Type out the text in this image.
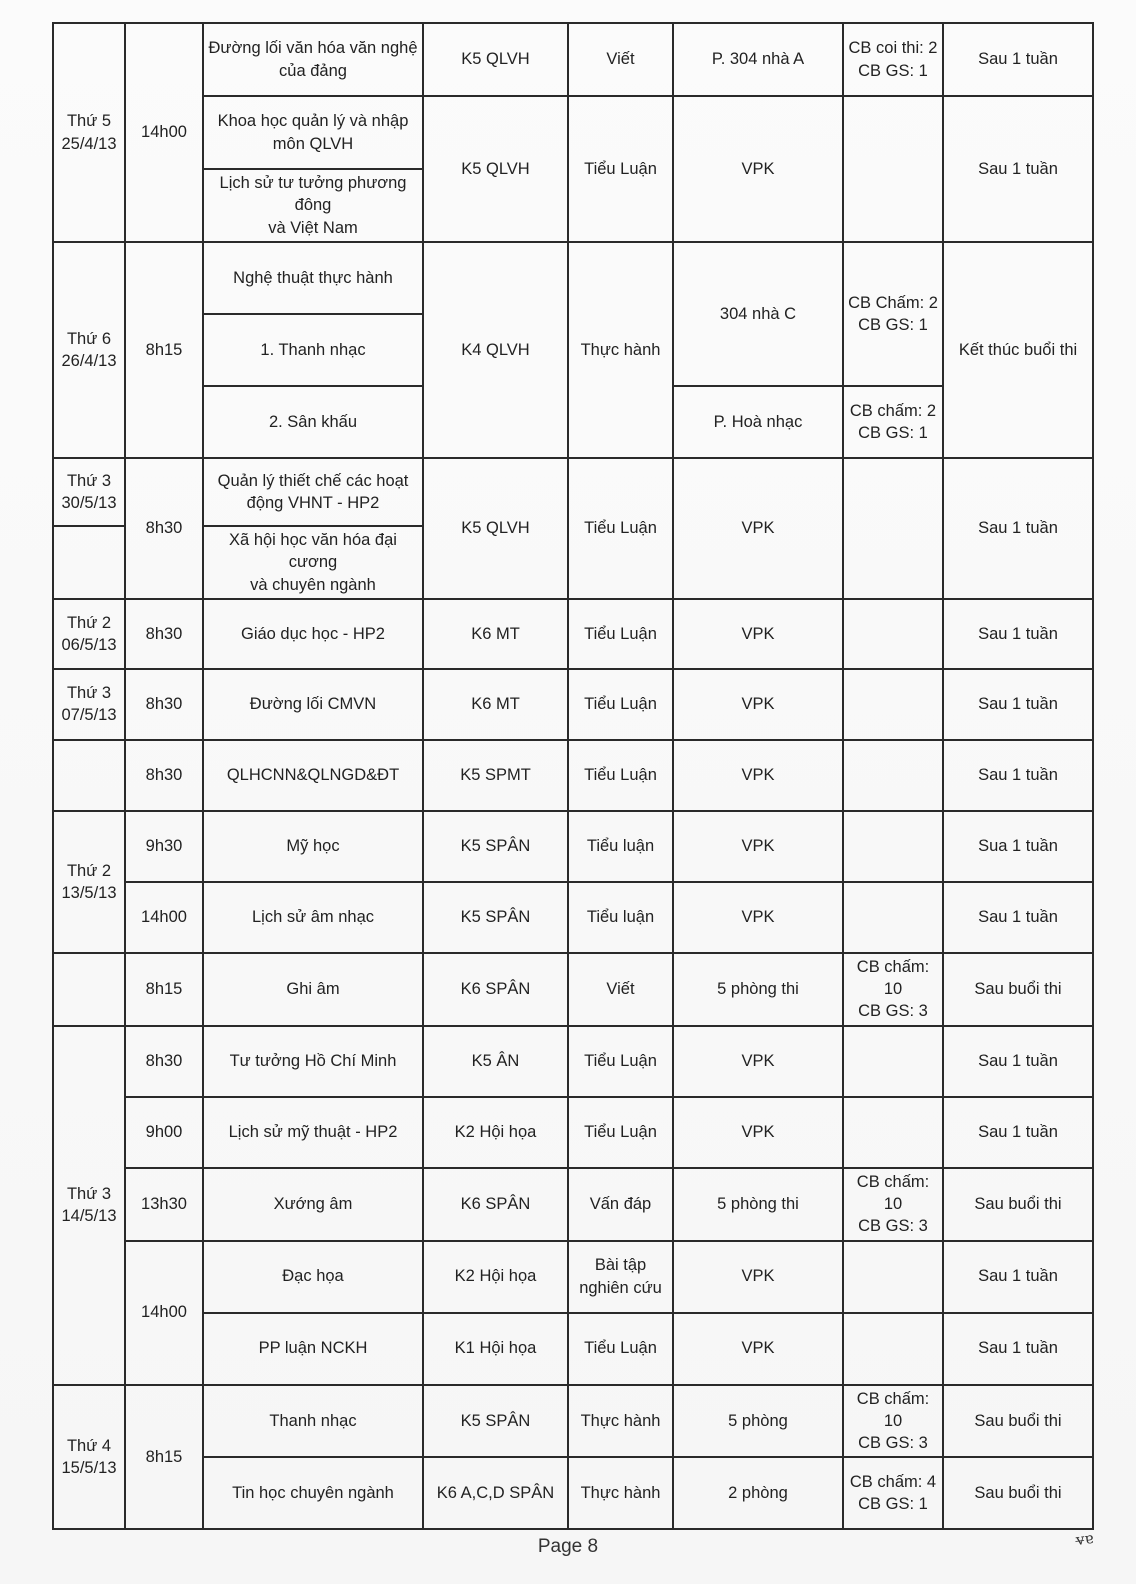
Thứ 5
25/4/13	14h00	Đường lối văn hóa văn nghệ
của đảng	K5 QLVH	Viết	P. 304 nhà A	CB coi thi: 2
CB GS: 1	Sau 1 tuần

		Khoa học quản lý và nhập
môn QLVH	K5 QLVH	Tiểu Luận	VPK		Sau 1 tuần

		Lịch sử tư tưởng phương đông
và Việt Nam					

Thứ 6
26/4/13	8h15	Nghệ thuật thực hành	K4 QLVH	Thực hành	304 nhà C	CB Chấm: 2
CB GS: 1	Kết thúc buổi thi
		1. Thanh nhạc					
		2. Sân khấu			P. Hoà nhạc	CB chấm: 2
CB GS: 1	

Thứ 3
30/5/13	8h30	Quản lý thiết chế các hoạt
động VHNT - HP2	K5 QLVH	Tiểu Luận	VPK		Sau 1 tuần

		Xã hội học văn hóa đại cương
và chuyên ngành					

Thứ 2
06/5/13	8h30	Giáo dục học - HP2	K6 MT	Tiểu Luận	VPK		Sau 1 tuần

Thứ 3
07/5/13	8h30	Đường lối CMVN	K6 MT	Tiểu Luận	VPK		Sau 1 tuần
	8h30	QLHCNN&QLNGD&ĐT	K5 SPMT	Tiểu Luận	VPK		Sau 1 tuần

Thứ 2
13/5/13	9h30	Mỹ học	K5 SPÂN	Tiểu luận	VPK		Sua 1 tuần
	14h00	Lịch sử âm nhạc	K5 SPÂN	Tiểu luận	VPK		Sau 1 tuần
	8h15	Ghi âm	K6 SPÂN	Viết	5 phòng thi	CB chấm: 10
CB GS: 3	Sau buổi thi

Thứ 3
14/5/13	8h30	Tư tưởng Hồ Chí Minh	K5 ÂN	Tiểu Luận	VPK		Sau 1 tuần
	9h00	Lịch sử mỹ thuật - HP2	K2 Hội họa	Tiểu Luận	VPK		Sau 1 tuần
	13h30	Xướng âm	K6 SPÂN	Vấn đáp	5 phòng thi	CB chấm: 10
CB GS: 3	Sau buổi thi
	14h00	Đạc họa	K2 Hội họa	Bài tập
nghiên cứu	VPK		Sau 1 tuần
		PP luận NCKH	K1 Hội họa	Tiểu Luận	VPK		Sau 1 tuần

Thứ 4
15/5/13	8h15	Thanh nhạc	K5 SPÂN	Thực hành	5 phòng	CB chấm: 10
CB GS: 3	Sau buổi thi
		Tin học chuyên ngành	K6 A,C,D SPÂN	Thực hành	2 phòng	CB chấm: 4
CB GS: 1	Sau buổi thi
Page 8	v̶ɐ
